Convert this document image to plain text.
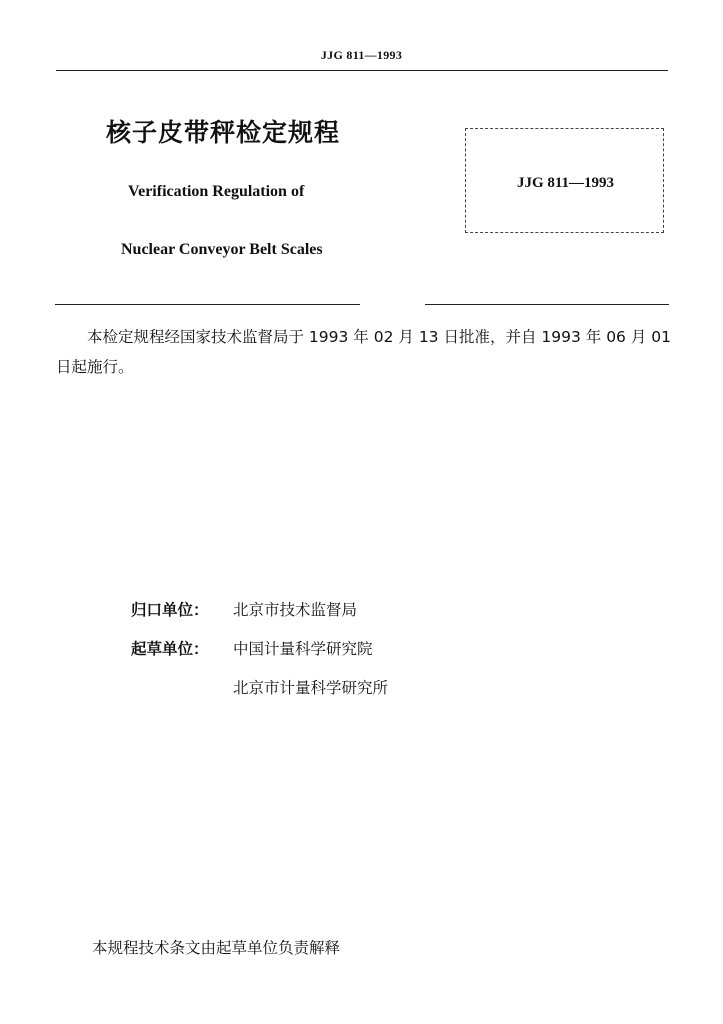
JJG 811—1993
核子皮带秤检定规程
Verification Regulation of
Nuclear Conveyor Belt Scales
JJG 811—1993
本检定规程经国家技术监督局于 1993 年 02 月 13 日批准，并自 1993 年 06 月 01 日起施行。
归口单位： 北京市技术监督局
起草单位： 中国计量科学研究院
北京市计量科学研究所
本规程技术条文由起草单位负责解释
